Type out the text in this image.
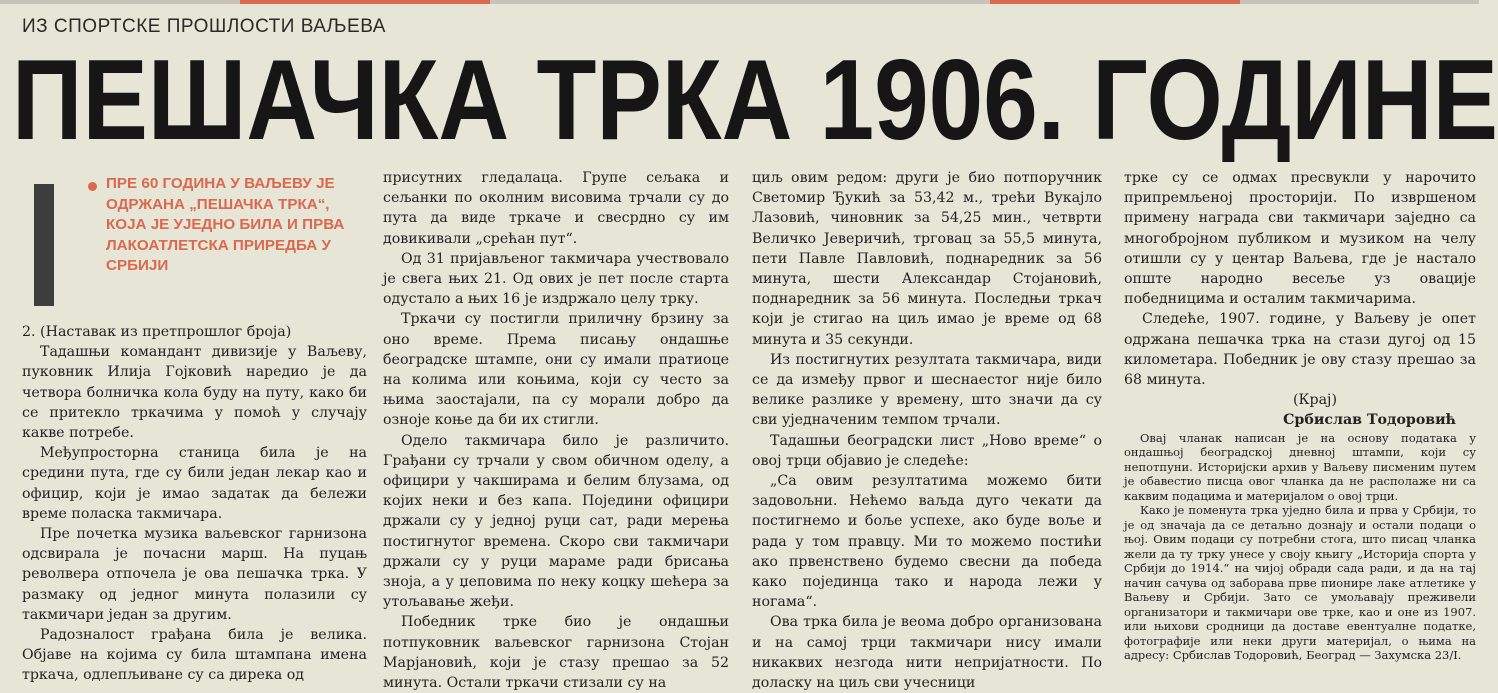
ИЗ СПОРТСКЕ ПРОШЛОСТИ ВАЉЕВА
ПЕШАЧКА ТРКА 1906. ГОДИНЕ
ПРЕ 60 ГОДИНА У ВАЉЕВУ ЈЕ ОДРЖАНА „ПЕШАЧКА ТРКА“, КОЈА ЈЕ УЈЕДНО БИЛА И ПРВА ЛАКОАТЛЕТСКА ПРИРЕДБА У СРБИЈИ

2. (Наставак из претпрошлог броја)

Тадашњи командант дивизије у Ваљеву, пуковник Илија Гојковић наредио је да четвора болничка кола буду на путу, како би се притекло тркачима у помоћ у случају какве потребе.

Међупросторна станица била је на средини пута, где су били један лекар као и официр, који је имао задатак да бележи време поласка такмичара.

Пре почетка музика ваљевског гарнизона одсвирала је почасни марш. На пуцањ револвера отпочела је ова пешачка трка. У размаку од једног минута полазили су такмичари један за другим.

Радозналост грађана била је велика. Објаве на којима су била штампана имена тркача, одлепљиване су са дирека од

присутних гледалаца. Групе сељака и сељанки по околним висовима трчали су до пута да виде тркаче и свесрдно су им довикивали „срећан пут“.

Од 31 пријављеног такмичара учествовало је свега њих 21. Од ових је пет после старта одустало а њих 16 је издржало целу трку.

Тркачи су постигли приличну брзину за оно време. Према писању ондашње београдске штампе, они су имали пратиоце на колима или коњима, који су често за њима заостајали, па су морали добро да озноје коње да би их стигли.

Одело такмичара било је различито. Грађани су трчали у свом обичном оделу, а официри у чакширама и белим блузама, од којих неки и без капа. Поједини официри држали су у једној руци сат, ради мерења постигнутог времена. Скоро сви такмичари држали су у руци мараме ради брисања зноја, а у џеповима по неку коцку шећера за утољавање жеђи.

Победник трке био је ондашњи потпуковник ваљевског гарнизона Стојан Марјановић, који је стазу прешао за 52 минута. Остали тркачи стизали су на

циљ овим редом: други је био потпоручник Светомир Ђукић за 53,42 м., трећи Вукајло Лазовић, чиновник за 54,25 мин., четврти Величко Јеверичић, трговац за 55,5 минута, пети Павле Павловић, поднаредник за 56 минута, шести Александар Стојановић, поднаредник за 56 минута. Последњи тркач који је стигао на циљ имао је време од 68 минута и 35 секунди.

Из постигнутих резултата такмичара, види се да између првог и шеснаестог није било велике разлике у времену, што значи да су сви уједначеним темпом трчали.

Тадашњи београдски лист „Ново време“ о овој трци објавио је следеће:

„Са овим резултатима можемо бити задовољни. Нећемо ваљда дуго чекати да постигнемо и боље успехе, ако буде воље и рада у том правцу. Ми то можемо постићи ако првенствено будемо свесни да победа како појединца тако и народа лежи у ногама“.

Ова трка била је веома добро организована и на самој трци такмичари нису имали никаквих незгода нити непријатности. По доласку на циљ сви учесници

трке су се одмах пресвукли у нарочито припремљеној просторији. По извршеном примену награда сви такмичари заједно са многобројном публиком и музиком на челу отишли су у центар Ваљева, где је настало опште народно весеље уз овације победницима и осталим такмичарима.

Следеће, 1907. године, у Ваљеву је опет одржана пешачка трка на стази дугој од 15 километара. Победник је ову стазу прешао за 68 минута.

(Крај)

Србислав Тодоровић

Овај чланак написан је на основу података у ондашњој београдској дневној штампи, који су непотпуни. Историјски архив у Ваљеву писменим путем је обавестио писца овог чланка да не располаже ни са каквим подацима и материјалом о овој трци.

Како је поменута трка уједно била и прва у Србији, то је од значаја да се детаљно дознају и остали подаци о њој. Овим подаци су потребни стога, што писац чланка жели да ту трку унесе у своју књигу „Историја спорта у Србији до 1914.“ на чијој обради сада ради, и да на тај начин сачува од заборава прве пионире лаке атлетике у Ваљеву и Србији. Зато се умољавају преживели организатори и такмичари ове трке, као и оне из 1907. или њихови сродници да доставе евентуалне податке, фотографије или неки други материјал, о њима на адресу: Србислав Тодоровић, Београд — Захумска 23/I.
